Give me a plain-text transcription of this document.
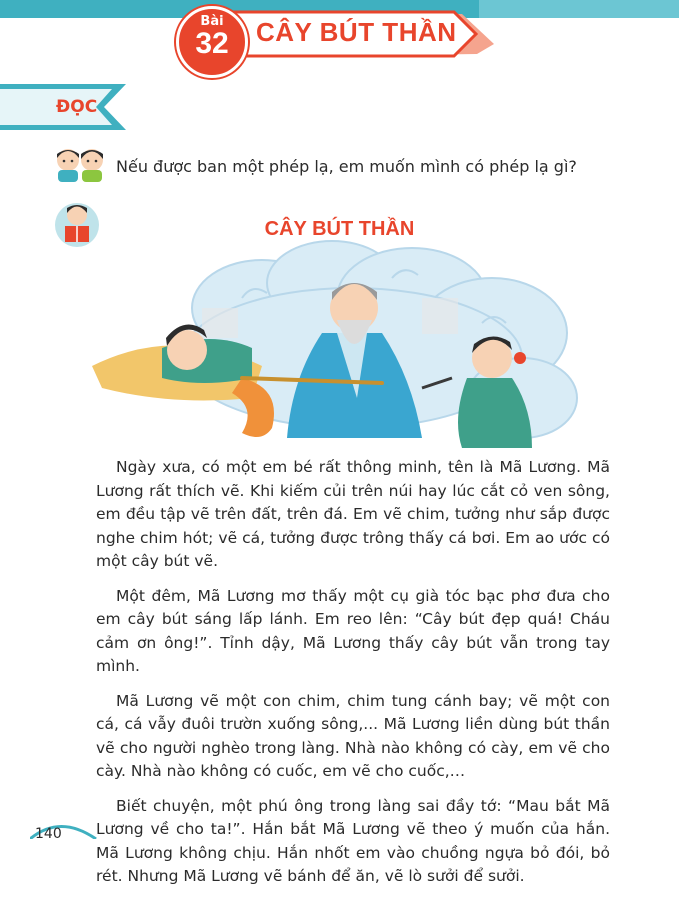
Bài
32	CÂY BÚT THẦN
ĐỌC
Nếu được ban một phép lạ, em muốn mình có phép lạ gì?
CÂY BÚT THẦN

Ngày xưa, có một em bé rất thông minh, tên là Mã Lương. Mã Lương rất thích vẽ. Khi kiếm củi trên núi hay lúc cắt cỏ ven sông, em đều tập vẽ trên đất, trên đá. Em vẽ chim, tưởng như sắp được nghe chim hót; vẽ cá, tưởng được trông thấy cá bơi. Em ao ước có một cây bút vẽ.

Một đêm, Mã Lương mơ thấy một cụ già tóc bạc phơ đưa cho em cây bút sáng lấp lánh. Em reo lên: “Cây bút đẹp quá! Cháu cảm ơn ông!”. Tỉnh dậy, Mã Lương thấy cây bút vẫn trong tay mình.

Mã Lương vẽ một con chim, chim tung cánh bay; vẽ một con cá, cá vẫy đuôi trườn xuống sông,... Mã Lương liền dùng bút thần vẽ cho người nghèo trong làng. Nhà nào không có cày, em vẽ cho cày. Nhà nào không có cuốc, em vẽ cho cuốc,…

Biết chuyện, một phú ông trong làng sai đầy tớ: “Mau bắt Mã Lương về cho ta!”. Hắn bắt Mã Lương vẽ theo ý muốn của hắn. Mã Lương không chịu. Hắn nhốt em vào chuồng ngựa bỏ đói, bỏ rét. Nhưng Mã Lương vẽ bánh để ăn, vẽ lò sưởi để sưởi.

140
